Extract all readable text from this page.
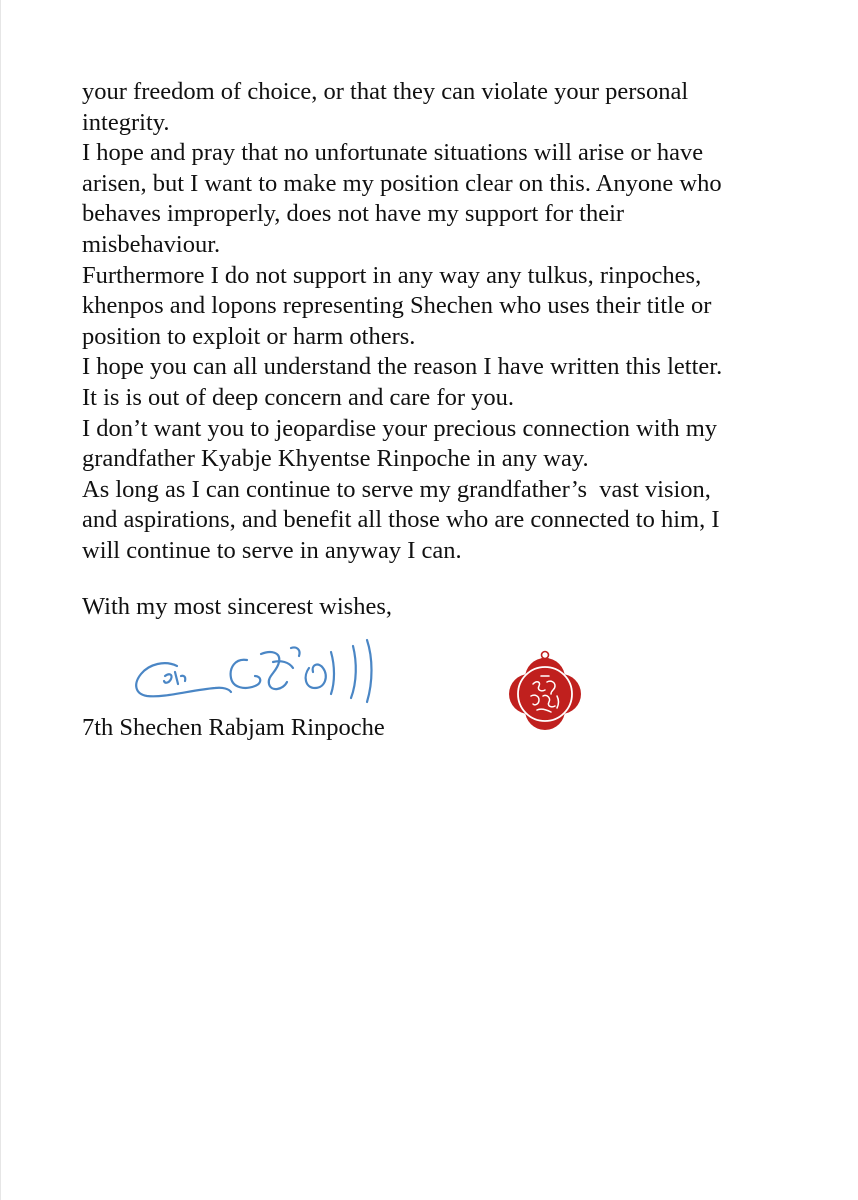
your freedom of choice, or that they can violate your personal
integrity.

I hope and pray that no unfortunate situations will arise or have
arisen, but I want to make my position clear on this. Anyone who
behaves improperly, does not have my support for their
misbehaviour.

Furthermore I do not support in any way any tulkus, rinpoches,
khenpos and lopons representing Shechen who uses their title or
position to exploit or harm others.

I hope you can all understand the reason I have written this letter.
It is is out of deep concern and care for you.

I don’t want you to jeopardise your precious connection with my
grandfather Kyabje Khyentse Rinpoche in any way.

As long as I can continue to serve my grandfather’s  vast vision,
and aspirations, and benefit all those who are connected to him, I
will continue to serve in anyway I can.

With my most sincerest wishes,
7th Shechen Rabjam Rinpoche
